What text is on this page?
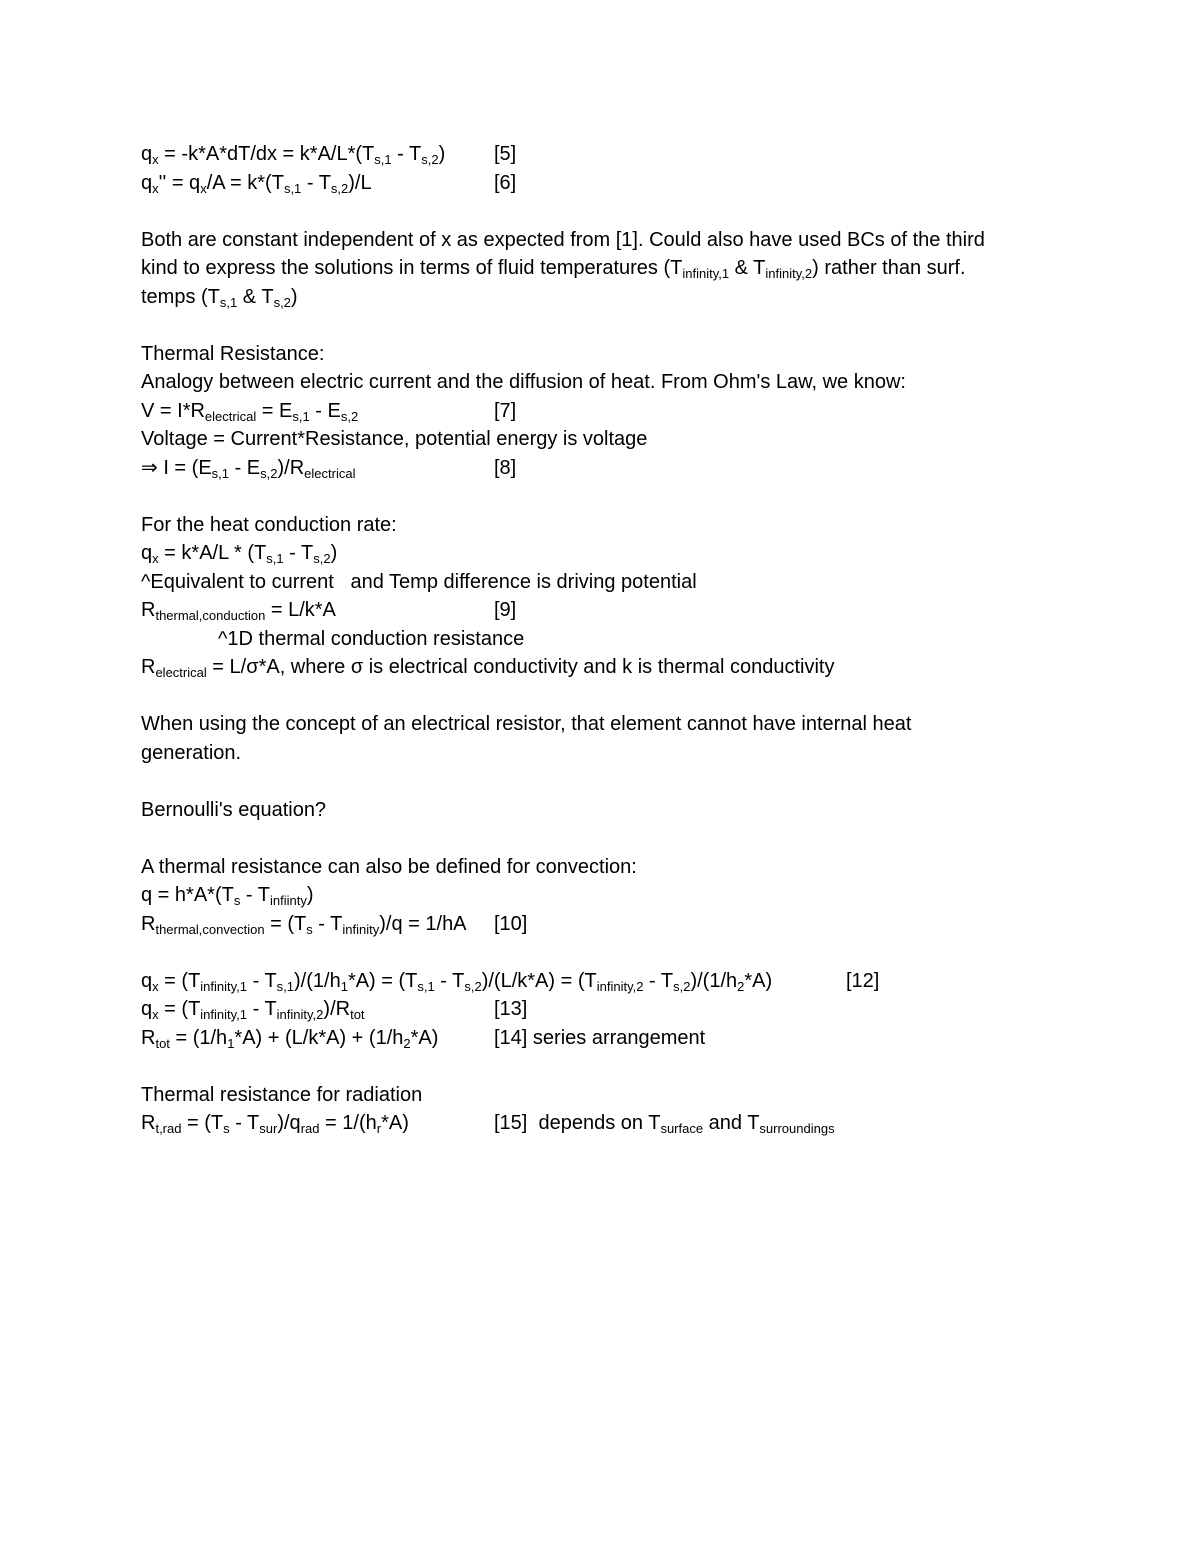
$q_x = -k*A*dT/dx = k*A/L*(T_{s,1} - T_{s,2})$

[5]

$q_x'' = q_x/A = k*(T_{s,1} - T_{s,2})/L$

	[6]

Both are constant independent of x as expected from [1]. Could also have used BCs of the third
kind to express the solutions in terms of fluid temperatures ($T_{infinity,1}$ & $T_{infinity,2}$) rather than surf.
temps ($T_{s,1}$ & $T_{s,2}$)
Thermal Resistance:
Analogy between electric current and the diffusion of heat. From Ohm's Law, we know:

$V = I*R_{electrical} = E_{s,1} - E_{s,2}$

	[7]

Voltage = Current*Resistance, potential energy is voltage

⇒ $I = (E_{s,1} - E_{s,2})/R_{electrical}$

	[8]

For the heat conduction rate:
$q_x = k*A/L * (T_{s,1} - T_{s,2})$
^Equivalent to current   and Temp difference is driving potential

$R_{thermal,conduction} = L/k*A$

	[9]

^1D thermal conduction resistance
$R_{electrical} = L/\sigma*A$, where σ is electrical conductivity and k is thermal conductivity
When using the concept of an electrical resistor, that element cannot have internal heat
generation.
Bernoulli's equation?
A thermal resistance can also be defined for convection:
$q = h*A*(T_s - T_{infiinty})$

$R_{thermal,convection} = (T_s - T_{infinity})/q = 1/hA$

[10]

$q_x = (T_{infinity,1} - T_{s,1})/(1/h_1*A) = (T_{s,1} - T_{s,2})/(L/k*A) = (T_{infinity,2} - T_{s,2})/(1/h_2*A)$

	[12]

$q_x = (T_{infinity,1} - T_{infinity,2})/R_{tot}$

	[13]

$R_{tot} = (1/h_1*A) + (L/k*A) + (1/h_2*A)$

	[14] series arrangement

Thermal resistance for radiation

$R_{t,rad} = (T_s - T_{sur})/q_{rad} = 1/(h_r*A)$

	[15]  depends on $T_{surface}$ and $T_{surroundings}$
